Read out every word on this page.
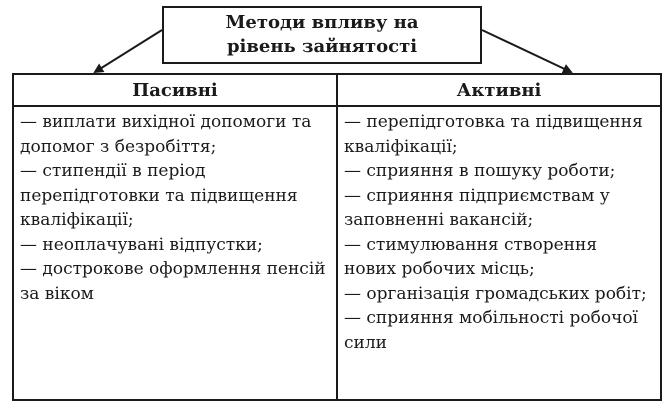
Методи впливу на рівень зайнятості
Пасивні
— виплати вихідної допомоги та допомог з безробіття;
— стипендії в період перепідготовки та підвищення кваліфікації;
— неоплачувані відпустки;
— дострокове оформлення пенсій за віком
Активні
— перепідготовка та підвищення кваліфікації;
— сприяння в пошуку роботи;
— сприяння підприємствам у заповненні вакансій;
— стимулювання створення нових робочих місць;
— організація громадських робіт;
— сприяння мобільності робочої сили
